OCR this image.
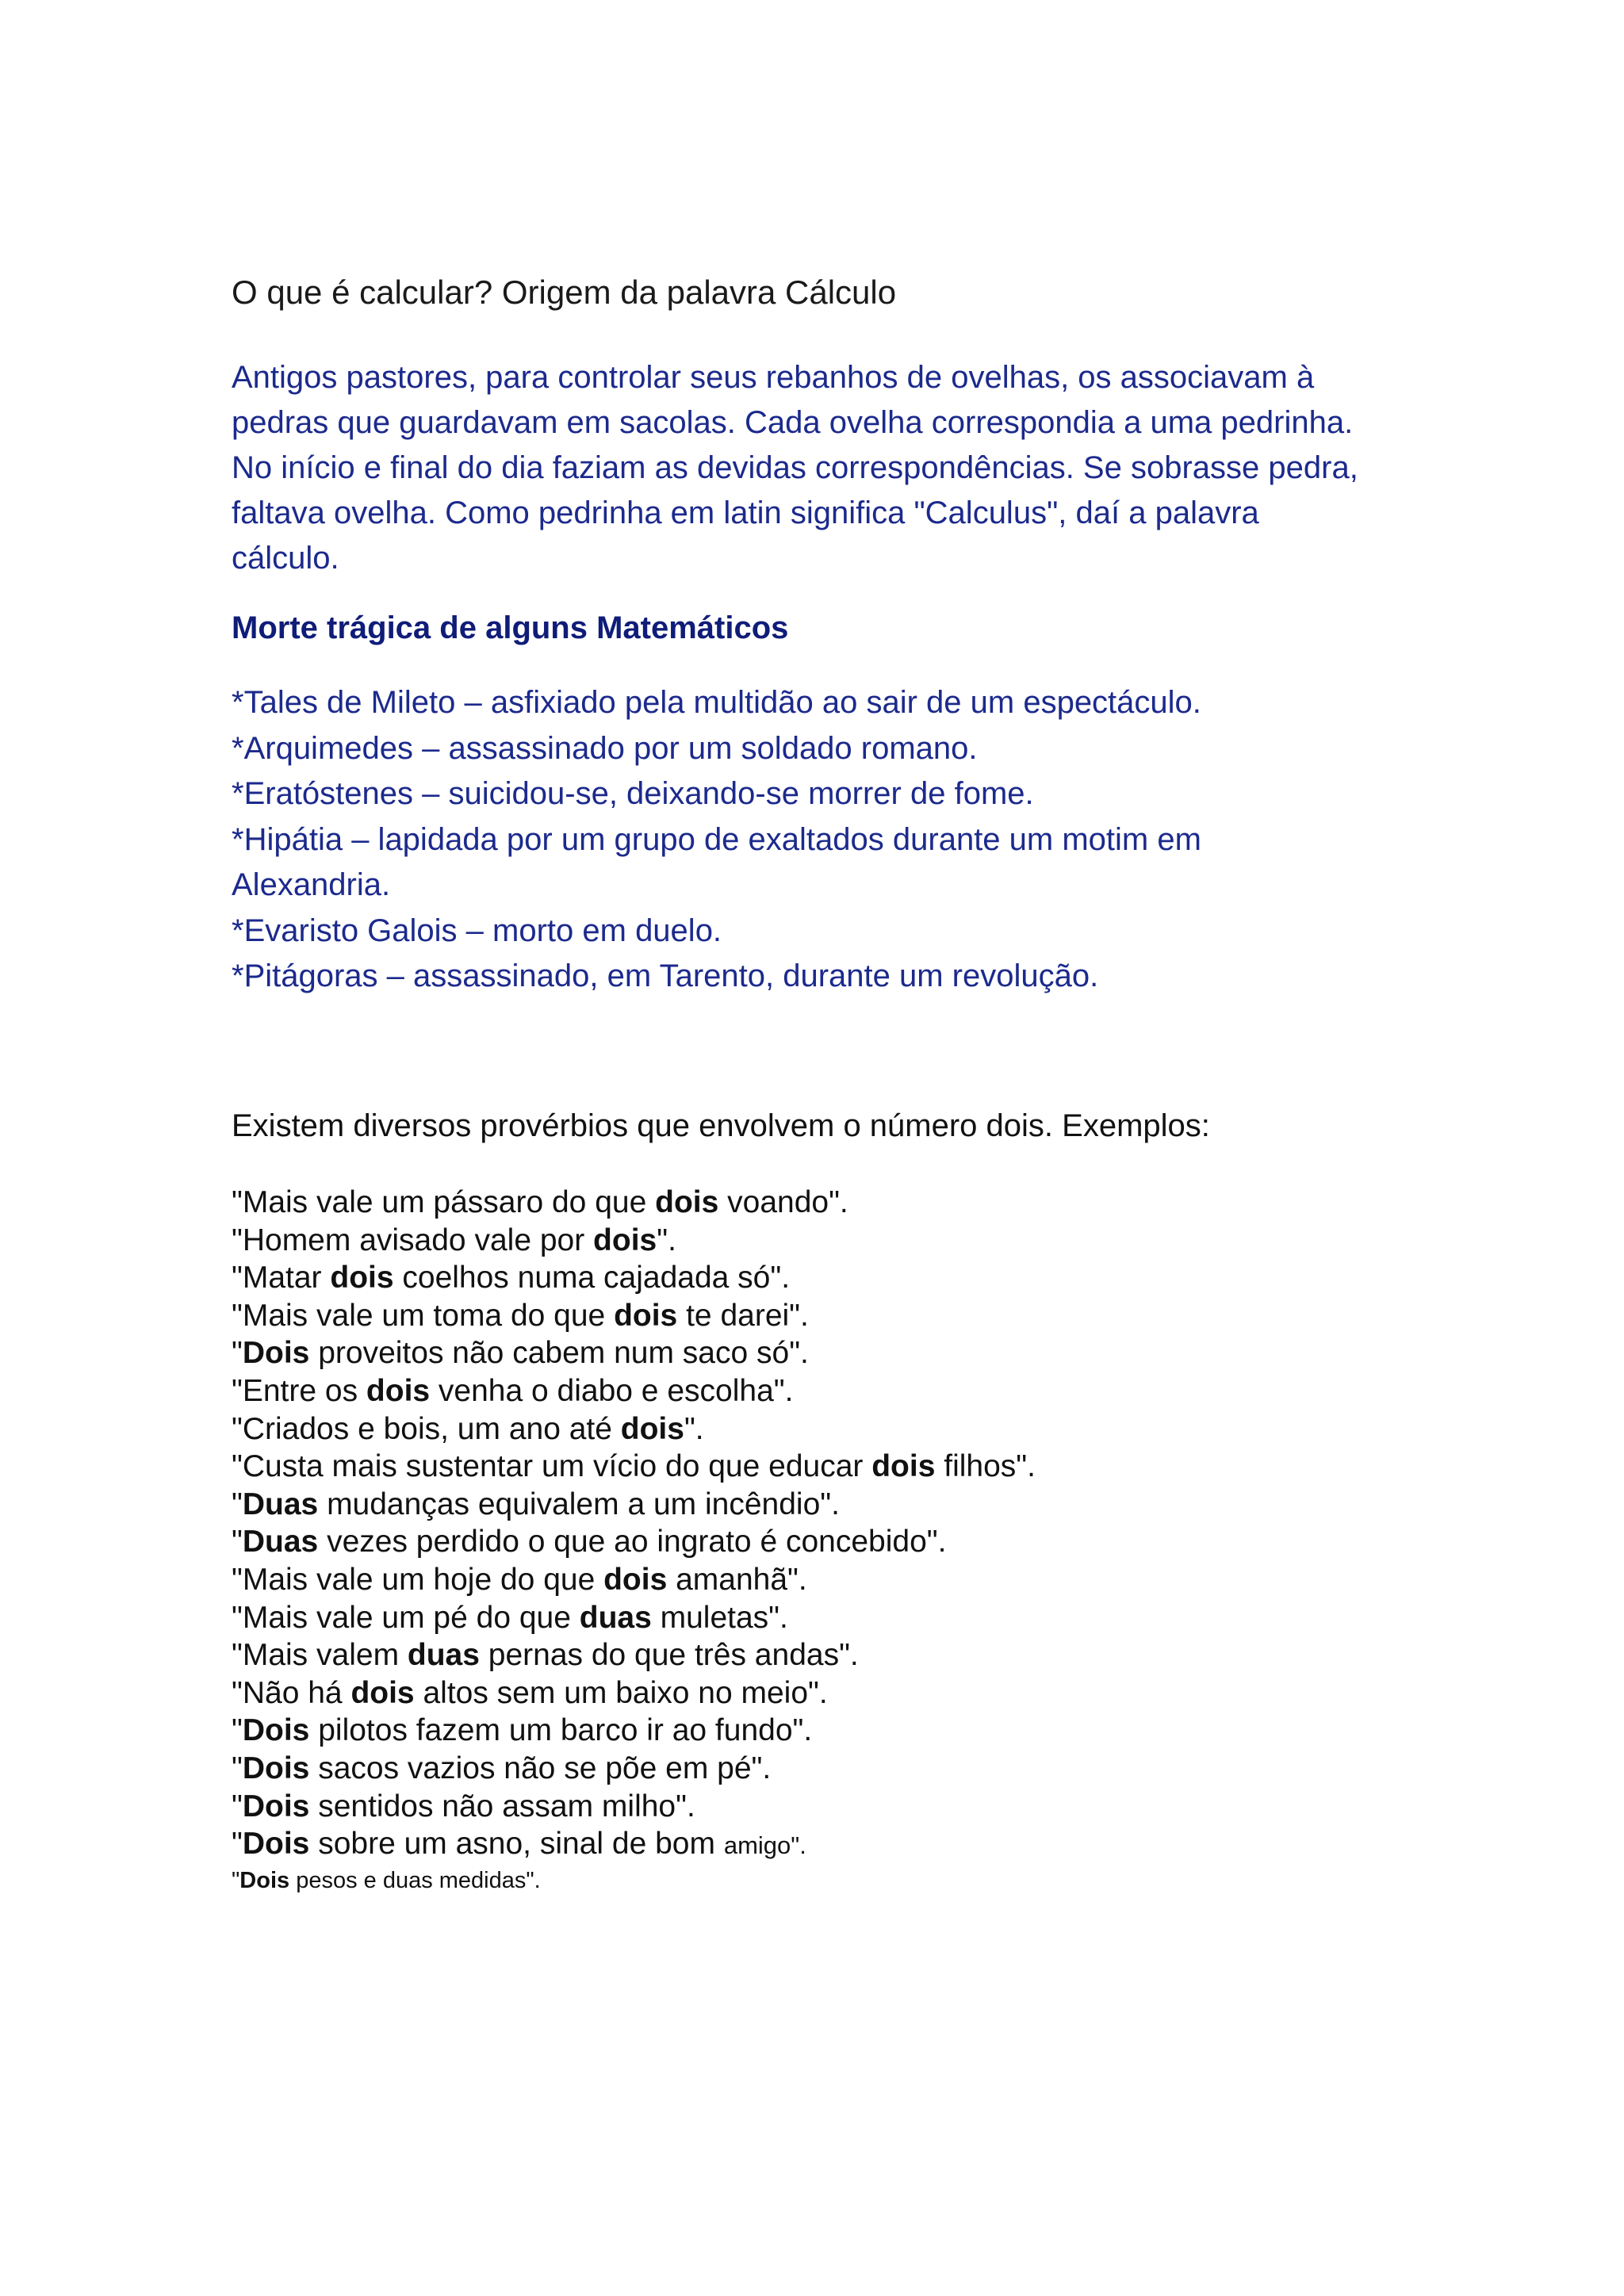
O que é calcular? Origem da palavra Cálculo

Antigos pastores, para controlar seus rebanhos de ovelhas, os associavam à
pedras que guardavam em sacolas. Cada ovelha correspondia a uma pedrinha.
No início e final do dia faziam as devidas correspondências. Se sobrasse pedra,
faltava ovelha. Como pedrinha em latin significa "Calculus", daí a palavra
cálculo.

Morte trágica de alguns Matemáticos

*Tales de Mileto – asfixiado pela multidão ao sair de um espectáculo.
*Arquimedes – assassinado por um soldado romano.
*Eratóstenes – suicidou-se, deixando-se morrer de fome.
*Hipátia – lapidada por um grupo de exaltados durante um motim em
Alexandria.
*Evaristo Galois – morto em duelo.
*Pitágoras – assassinado, em Tarento, durante um revolução.

Existem diversos provérbios que envolvem o número dois. Exemplos:

"Mais vale um pássaro do que dois voando".
"Homem avisado vale por dois".
"Matar dois coelhos numa cajadada só".
"Mais vale um toma do que dois te darei".
"Dois proveitos não cabem num saco só".
"Entre os dois venha o diabo e escolha".
"Criados e bois, um ano até dois".
"Custa mais sustentar um vício do que educar dois filhos".
"Duas mudanças equivalem a um incêndio".
"Duas vezes perdido o que ao ingrato é concebido".
"Mais vale um hoje do que dois amanhã".
"Mais vale um pé do que duas muletas".
"Mais valem duas pernas do que três andas".
"Não há dois altos sem um baixo no meio".
"Dois pilotos fazem um barco ir ao fundo".
"Dois sacos vazios não se põe em pé".
"Dois sentidos não assam milho".
"Dois sobre um asno, sinal de bom amigo".
"Dois pesos e duas medidas".
